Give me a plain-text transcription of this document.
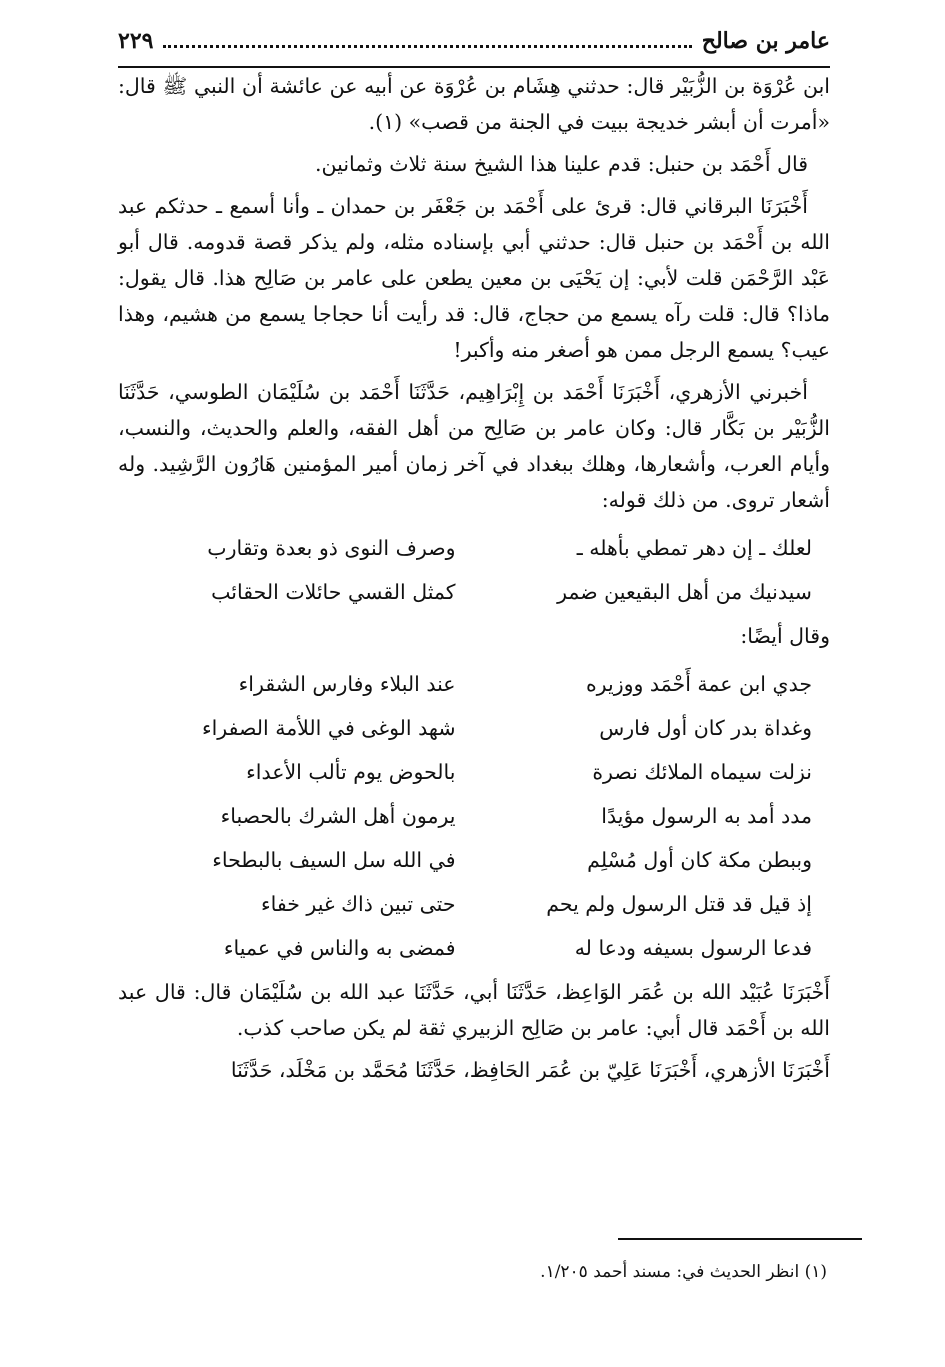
عامر بن صالح
٢٢٩

ابن عُرْوَة بن الزُّبَيْر قال: حدثني هِشَام بن عُرْوَة عن أبيه عن عائشة أن النبي ﷺ قال: «أمرت أن أبشر خديجة ببيت في الجنة من قصب» (١).

قال أَحْمَد بن حنبل: قدم علينا هذا الشيخ سنة ثلاث وثمانين.

أَخْبَرَنَا البرقاني قال: قرئ على أَحْمَد بن جَعْفَر بن حمدان ـ وأنا أسمع ـ حدثكم عبد الله بن أَحْمَد بن حنبل قال: حدثني أبي بإسناده مثله، ولم يذكر قصة قدومه. قال أبو عَبْد الرَّحْمَن قلت لأبي: إن يَحْيَى بن معين يطعن على عامر بن صَالِح هذا. قال يقول: ماذا؟ قال: قلت رآه يسمع من حجاج، قال: قد رأيت أنا حجاجا يسمع من هشيم، وهذا عيب؟ يسمع الرجل ممن هو أصغر منه وأكبر!

أخبرني الأزهري، أَخْبَرَنَا أَحْمَد بن إِبْرَاهِيم، حَدَّثَنَا أَحْمَد بن سُلَيْمَان الطوسي، حَدَّثَنَا الزُّبَيْر بن بَكَّار قال: وكان عامر بن صَالِح من أهل الفقه، والعلم والحديث، والنسب، وأيام العرب، وأشعارها، وهلك ببغداد في آخر زمان أمير المؤمنين هَارُون الرَّشِيد. وله أشعار تروى. من ذلك قوله:

لعلك ـ إن دهر تمطي بأهله ـ
وصرف النوى ذو بعدة وتقارب
سيدنيك من أهل البقيعين ضمر
كمثل القسي حائلات الحقائب

وقال أيضًا:

جدي ابن عمة أَحْمَد ووزيره
عند البلاء وفارس الشقراء
وغداة بدر كان أول فارس
شهد الوغى في اللأمة الصفراء
نزلت سيماه الملائك نصرة
بالحوض يوم تألب الأعداء
مدد أمد به الرسول مؤيدًا
يرمون أهل الشرك بالحصباء
وببطن مكة كان أول مُسْلِم
في الله سل السيف بالبطحاء
إذ قيل قد قتل الرسول ولم يحم
حتى تبين ذاك غير خفاء
فدعا الرسول بسيفه ودعا له
فمضى به والناس في عمياء

أَخْبَرَنَا عُبَيْد الله بن عُمَر الوَاعِظ، حَدَّثَنَا أبي، حَدَّثَنَا عبد الله بن سُلَيْمَان قال: قال عبد الله بن أَحْمَد قال أبي: عامر بن صَالِح الزبيري ثقة لم يكن صاحب كذب.

أَخْبَرَنَا الأزهري، أَخْبَرَنَا عَلِيّ بن عُمَر الحَافِظ، حَدَّثَنَا مُحَمَّد بن مَخْلَد، حَدَّثَنَا

(١) انظر الحديث في: مسند أحمد ١/٢٠٥.
